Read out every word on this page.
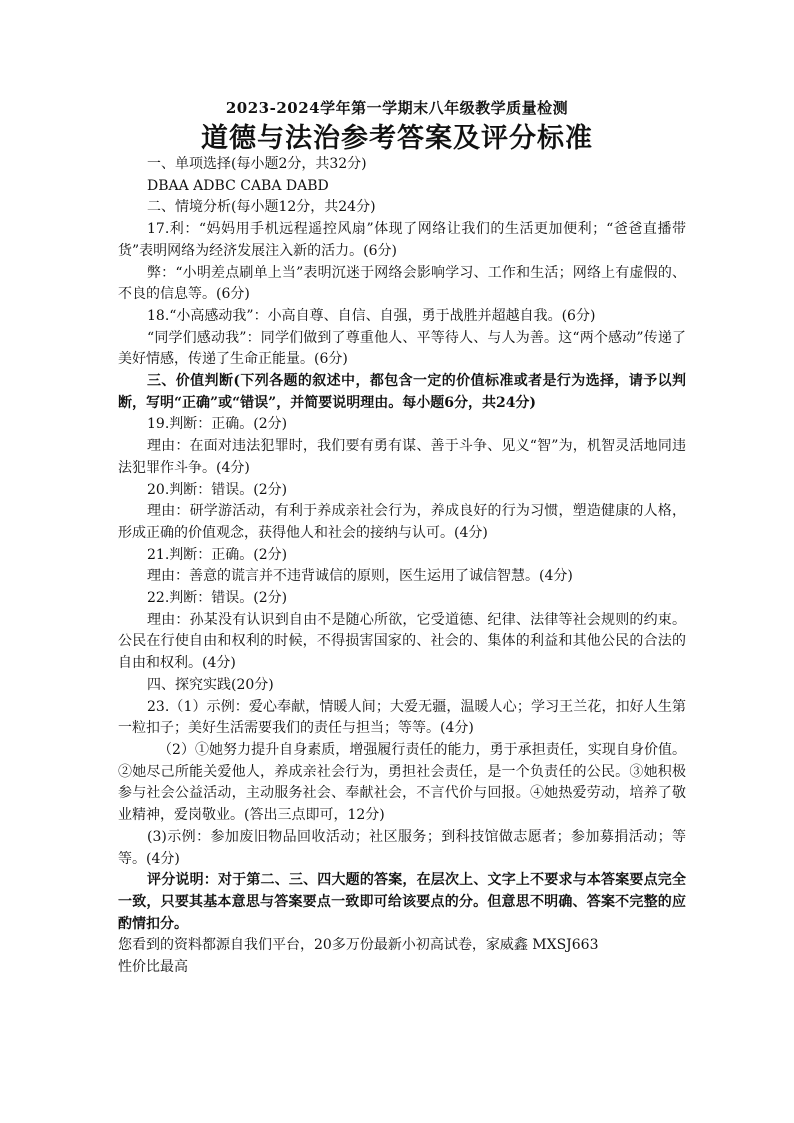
2023-2024学年第一学期末八年级教学质量检测
道德与法治参考答案及评分标准

一、单项选择(每小题2分，共32分)

DBAA ADBC CABA DABD

二、情境分析(每小题12分，共24分)

17.利：“妈妈用手机远程遥控风扇”体现了网络让我们的生活更加便利；“爸爸直播带货”表明网络为经济发展注入新的活力。(6分)

弊：“小明差点刷单上当”表明沉迷于网络会影响学习、工作和生活；网络上有虚假的、不良的信息等。(6分)

18.“小高感动我”：小高自尊、自信、自强，勇于战胜并超越自我。(6分)

“同学们感动我”：同学们做到了尊重他人、平等待人、与人为善。这“两个感动”传递了美好情感，传递了生命正能量。(6分)

三、价值判断(下列各题的叙述中，都包含一定的价值标准或者是行为选择，请予以判断，写明“正确”或“错误”，并简要说明理由。每小题6分，共24分)

19.判断：正确。(2分)

理由：在面对违法犯罪时，我们要有勇有谋、善于斗争、见义“智”为，机智灵活地同违法犯罪作斗争。(4分)

20.判断：错误。(2分)

理由：研学游活动，有利于养成亲社会行为，养成良好的行为习惯，塑造健康的人格，形成正确的价值观念，获得他人和社会的接纳与认可。(4分)

21.判断：正确。(2分)

理由：善意的谎言并不违背诚信的原则，医生运用了诚信智慧。(4分)

22.判断：错误。(2分)

理由：孙某没有认识到自由不是随心所欲，它受道德、纪律、法律等社会规则的约束。公民在行使自由和权利的时候，不得损害国家的、社会的、集体的利益和其他公民的合法的自由和权利。(4分)

四、探究实践(20分)

23.（1）示例：爱心奉献，情暖人间；大爱无疆，温暖人心；学习王兰花，扣好人生第一粒扣子；美好生活需要我们的责任与担当；等等。(4分)

（2）①她努力提升自身素质，增强履行责任的能力，勇于承担责任，实现自身价值。②她尽己所能关爱他人，养成亲社会行为，勇担社会责任，是一个负责任的公民。③她积极参与社会公益活动，主动服务社会、奉献社会，不言代价与回报。④她热爱劳动，培养了敬业精神，爱岗敬业。(答出三点即可，12分)

(3)示例：参加废旧物品回收活动；社区服务；到科技馆做志愿者；参加募捐活动；等等。(4分)

评分说明：对于第二、三、四大题的答案，在层次上、文字上不要求与本答案要点完全一致，只要其基本意思与答案要点一致即可给该要点的分。但意思不明确、答案不完整的应酌情扣分。

您看到的资料都源自我们平台，20多万份最新小初高试卷，家威鑫 MXSJ663

性价比最高
